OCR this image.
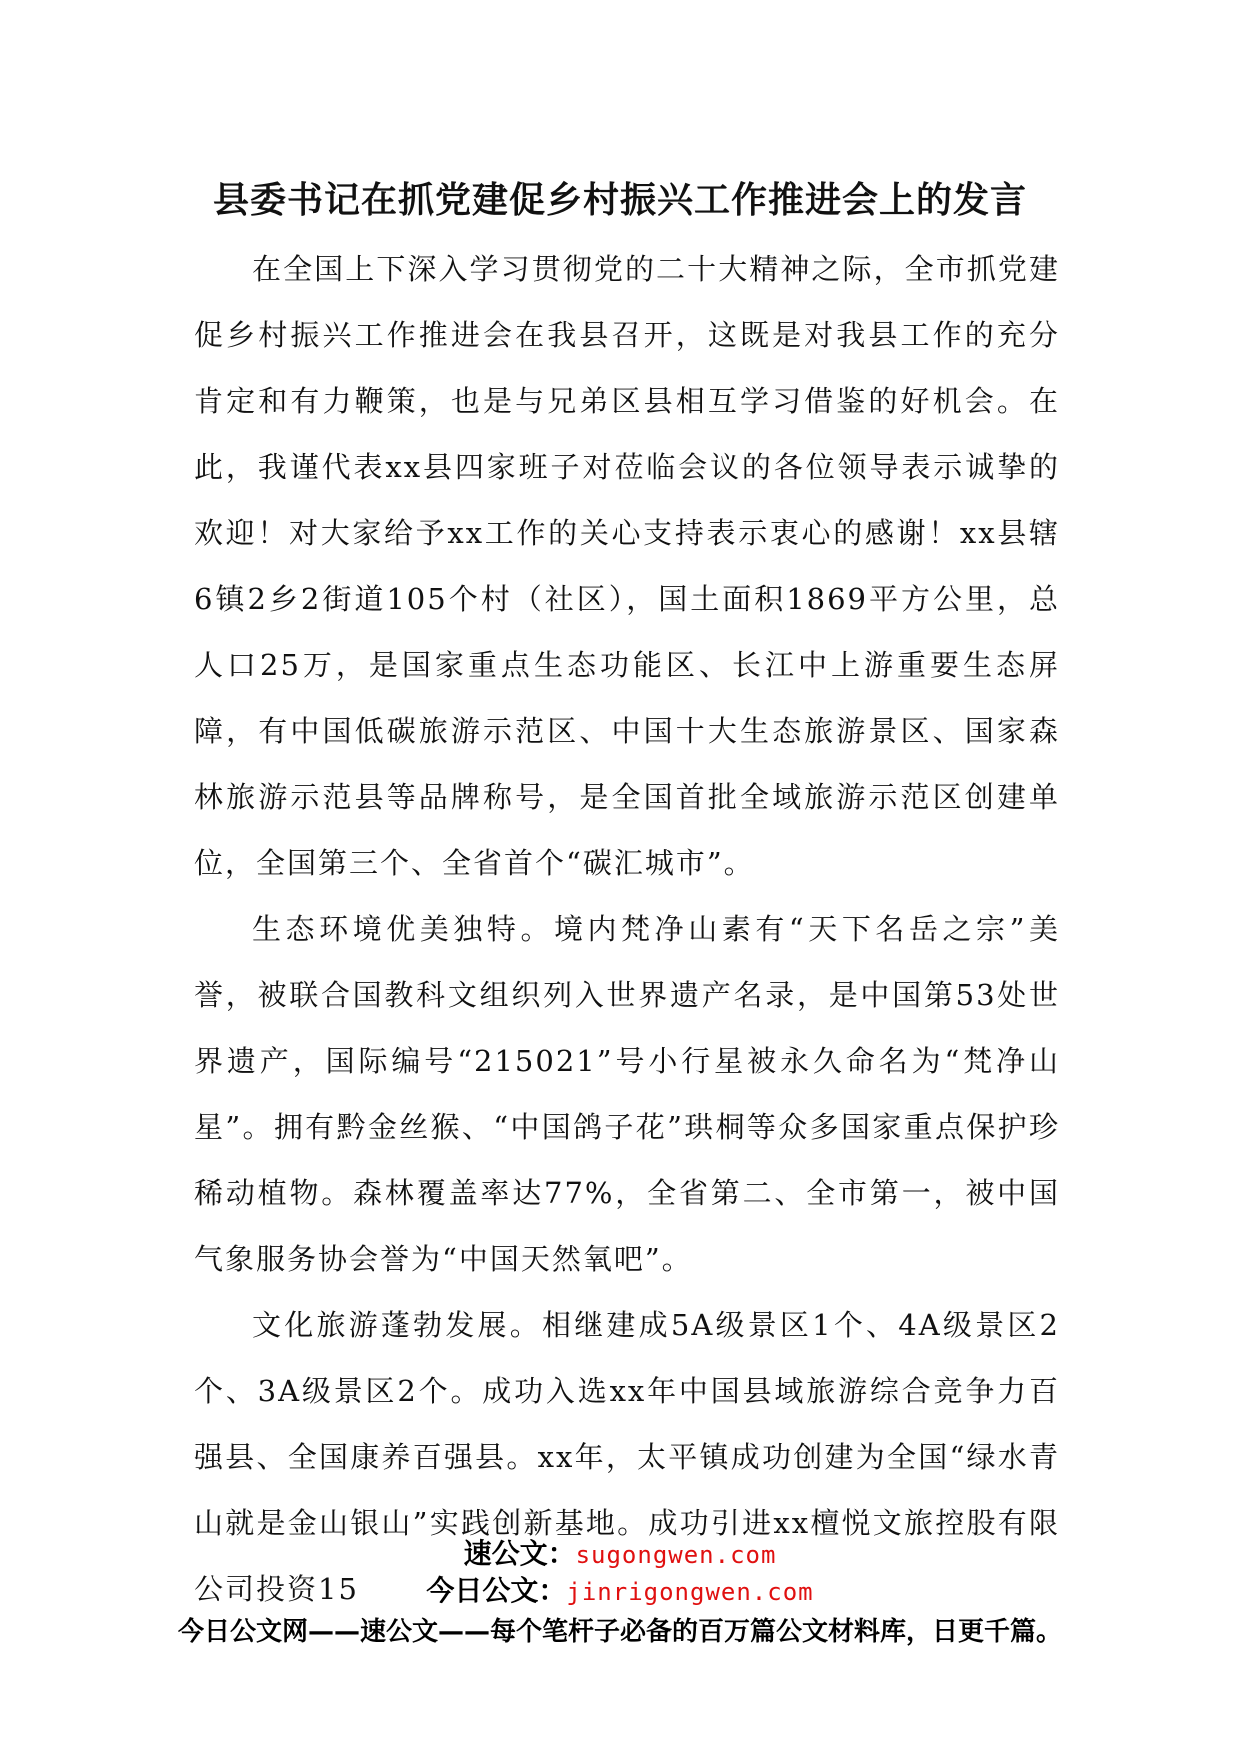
县委书记在抓党建促乡村振兴工作推进会上的发言

在全国上下深入学习贯彻党的二十大精神之际，全市抓党建促乡村振兴工作推进会在我县召开，这既是对我县工作的充分肯定和有力鞭策，也是与兄弟区县相互学习借鉴的好机会。在此，我谨代表xx县四家班子对莅临会议的各位领导表示诚挚的欢迎！对大家给予xx工作的关心支持表示衷心的感谢！xx县辖6镇2乡2街道105个村（社区），国土面积1869平方公里，总人口25万，是国家重点生态功能区、长江中上游重要生态屏障，有中国低碳旅游示范区、中国十大生态旅游景区、国家森林旅游示范县等品牌称号，是全国首批全域旅游示范区创建单位，全国第三个、全省首个“碳汇城市”。

生态环境优美独特。境内梵净山素有“天下名岳之宗”美誉，被联合国教科文组织列入世界遗产名录，是中国第53处世界遗产，国际编号“215021”号小行星被永久命名为“梵净山星”。拥有黔金丝猴、“中国鸽子花”珙桐等众多国家重点保护珍稀动植物。森林覆盖率达77%，全省第二、全市第一，被中国气象服务协会誉为“中国天然氧吧”。

文化旅游蓬勃发展。相继建成5A级景区1个、4A级景区2个、3A级景区2个。成功入选xx年中国县域旅游综合竞争力百强县、全国康养百强县。xx年，太平镇成功创建为全国“绿水青山就是金山银山”实践创新基地。成功引进xx檀悦文旅控股有限公司投资15

速公文：sugongwen.com
今日公文：jinrigongwen.com
今日公文网——速公文——每个笔杆子必备的百万篇公文材料库，日更千篇。
